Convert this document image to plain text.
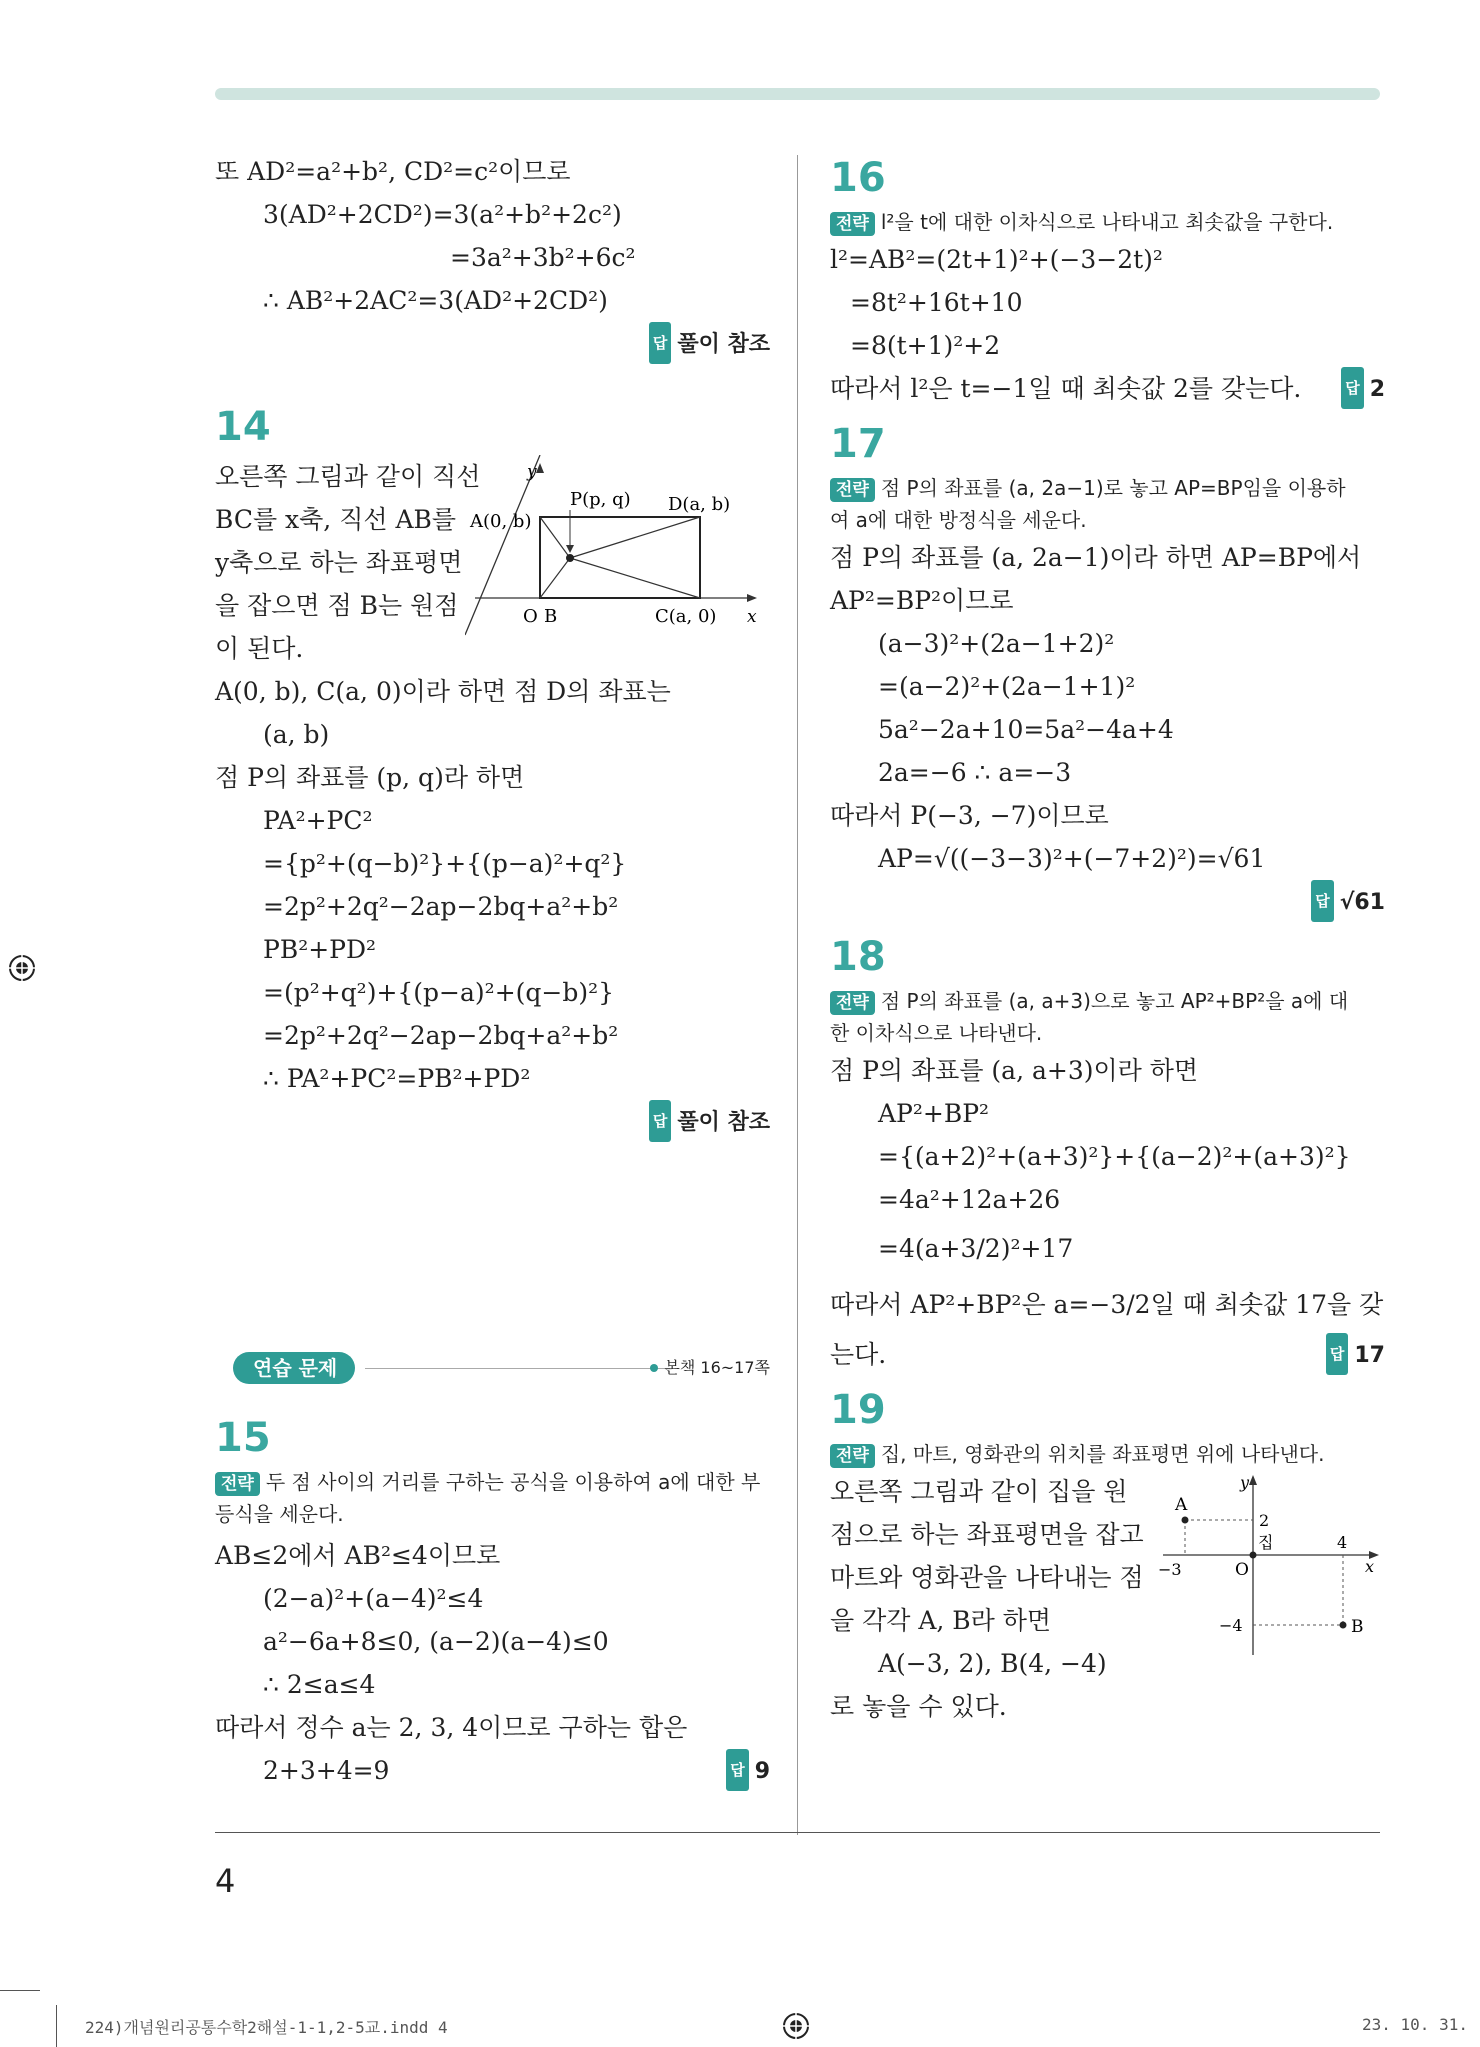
또 AD²=a²+b², CD²=c²이므로
3(AD²+2CD²)=3(a²+b²+2c²)
=3a²+3b²+6c²
∴ AB²+2AC²=3(AD²+2CD²)
답 풀이 참조
14
오른쪽 그림과 같이 직선
BC를 x축, 직선 AB를
y축으로 하는 좌표평면
을 잡으면 점 B는 원점
이 된다.
y
x
A(0, b)
P(p, q) D(a, b)
O B	C(a, 0)
A(0, b), C(a, 0)이라 하면 점 D의 좌표는
(a, b)
점 P의 좌표를 (p, q)라 하면
PA²+PC²
={p²+(q−b)²}+{(p−a)²+q²}
=2p²+2q²−2ap−2bq+a²+b²
PB²+PD²
=(p²+q²)+{(p−a)²+(q−b)²}
=2p²+2q²−2ap−2bq+a²+b²
∴ PA²+PC²=PB²+PD²
답 풀이 참조
연습 문제	본책 16~17쪽
15
전략 두 점 사이의 거리를 구하는 공식을 이용하여 a에 대한 부
등식을 세운다.
AB≤2에서 AB²≤4이므로
(2−a)²+(a−4)²≤4
a²−6a+8≤0, (a−2)(a−4)≤0
∴ 2≤a≤4
따라서 정수 a는 2, 3, 4이므로 구하는 합은
2+3+4=9	답 9
16
전략 l²을 t에 대한 이차식으로 나타내고 최솟값을 구한다.
l²=AB²=(2t+1)²+(−3−2t)²
=8t²+16t+10
=8(t+1)²+2
따라서 l²은 t=−1일 때 최솟값 2를 갖는다.	답 2
17
전략 점 P의 좌표를 (a, 2a−1)로 놓고 AP=BP임을 이용하
여 a에 대한 방정식을 세운다.
점 P의 좌표를 (a, 2a−1)이라 하면 AP=BP에서
AP²=BP²이므로
(a−3)²+(2a−1+2)²
=(a−2)²+(2a−1+1)²
5a²−2a+10=5a²−4a+4
2a=−6 ∴ a=−3
따라서 P(−3, −7)이므로
AP=√((−3−3)²+(−7+2)²)=√61
답 √61
18
전략 점 P의 좌표를 (a, a+3)으로 놓고 AP²+BP²을 a에 대
한 이차식으로 나타낸다.
점 P의 좌표를 (a, a+3)이라 하면
AP²+BP²
={(a+2)²+(a+3)²}+{(a−2)²+(a+3)²}
=4a²+12a+26
=4(a+3/2)²+17
따라서 AP²+BP²은 a=−3/2일 때 최솟값 17을 갖
는다.	답 17
19
전략 집, 마트, 영화관의 위치를 좌표평면 위에 나타낸다.
오른쪽 그림과 같이 집을 원
점으로 하는 좌표평면을 잡고
마트와 영화관을 나타내는 점
을 각각 A, B라 하면
A(−3, 2), B(4, −4)
로 놓을 수 있다.
y
x
A
B
O
집
−3
2
4
−4
4
224)개념원리공통수학2해설-1-1,2-5교.indd 4	23. 10. 31.
